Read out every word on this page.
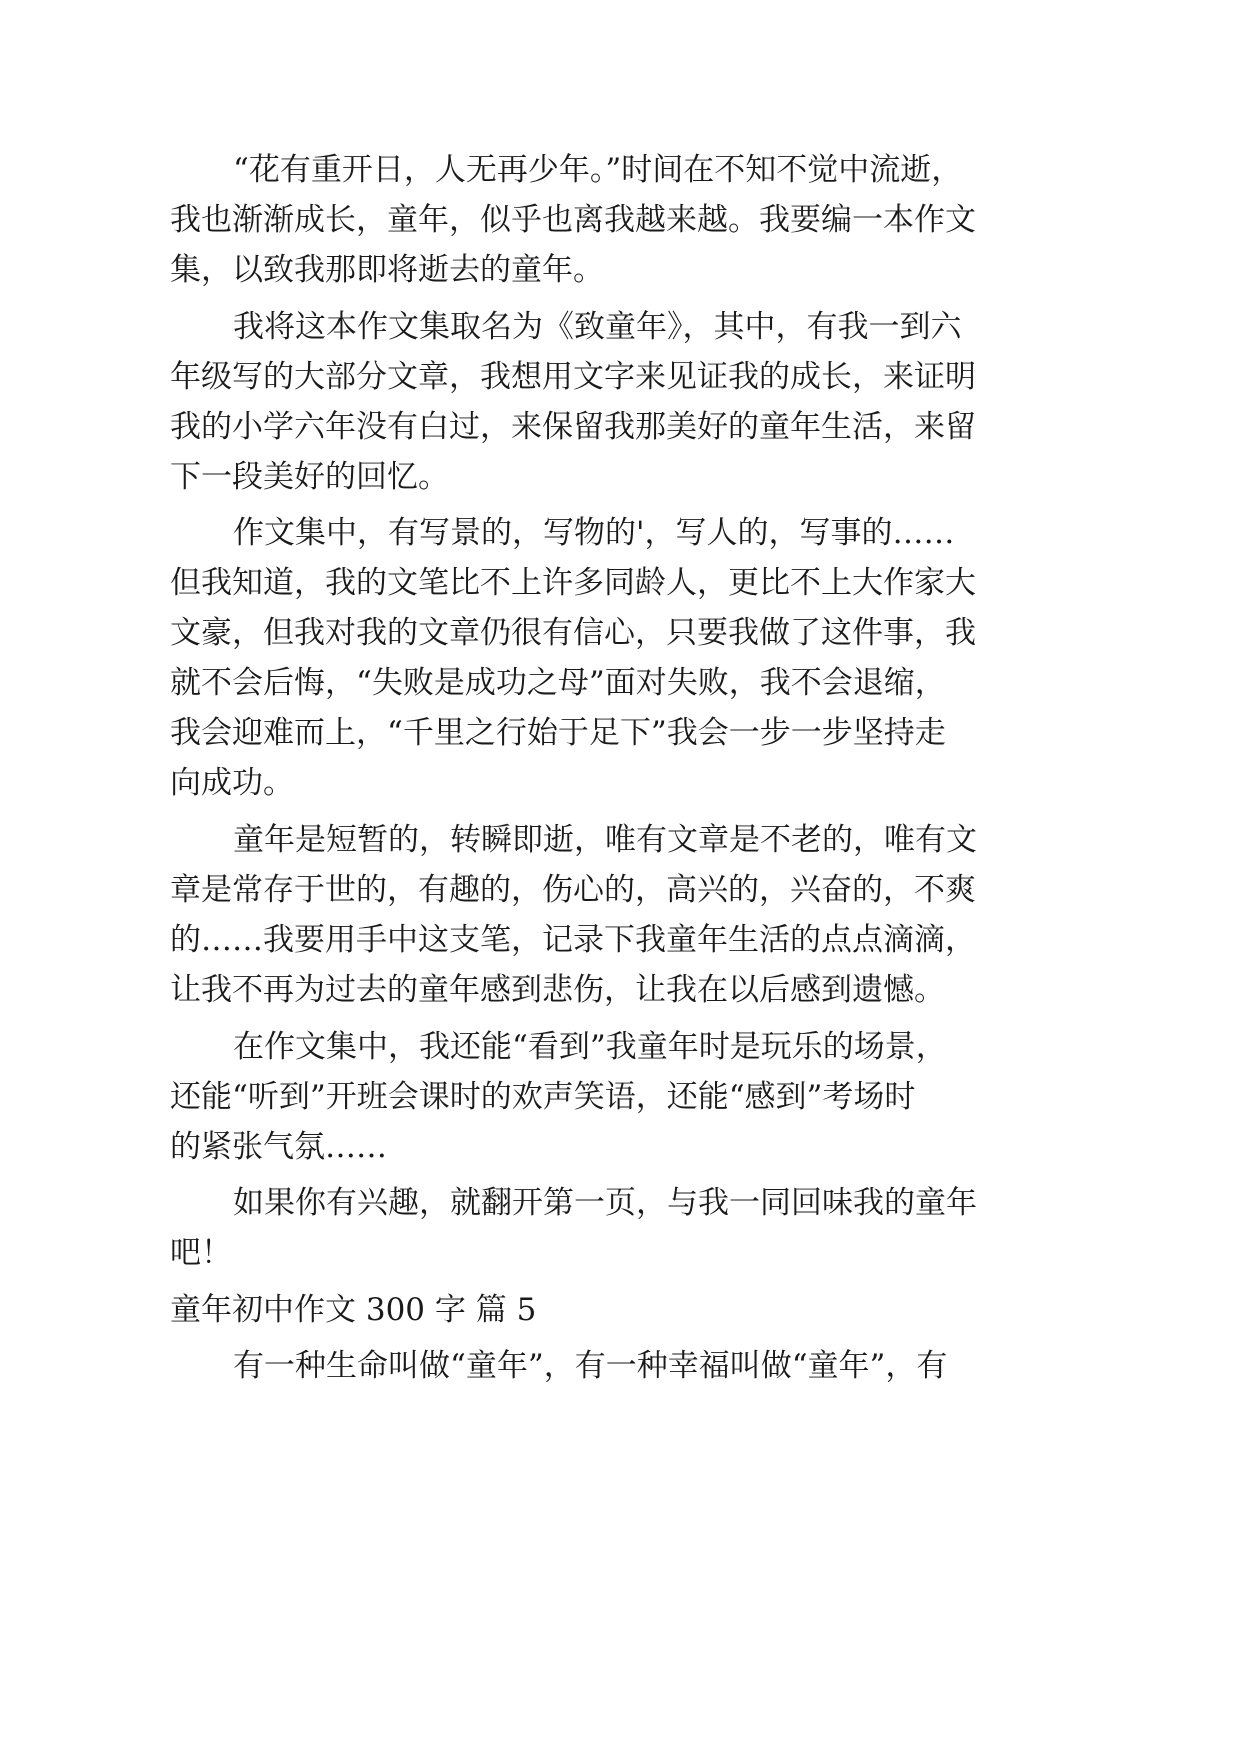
“花有重开日，人无再少年。”时间在不知不觉中流逝，
我也渐渐成长，童年，似乎也离我越来越。我要编一本作文
集，以致我那即将逝去的童年。
我将这本作文集取名为《致童年》，其中，有我一到六
年级写的大部分文章，我想用文字来见证我的成长，来证明
我的小学六年没有白过，来保留我那美好的童年生活，来留
下一段美好的回忆。
作文集中，有写景的，写物的'，写人的，写事的……
但我知道，我的文笔比不上许多同龄人，更比不上大作家大
文豪，但我对我的文章仍很有信心，只要我做了这件事，我
就不会后悔，“失败是成功之母”面对失败，我不会退缩，
我会迎难而上，“千里之行始于足下”我会一步一步坚持走
向成功。
童年是短暂的，转瞬即逝，唯有文章是不老的，唯有文
章是常存于世的，有趣的，伤心的，高兴的，兴奋的，不爽
的……我要用手中这支笔，记录下我童年生活的点点滴滴，
让我不再为过去的童年感到悲伤，让我在以后感到遗憾。
在作文集中，我还能“看到”我童年时是玩乐的场景，
还能“听到”开班会课时的欢声笑语，还能“感到”考场时
的紧张气氛……
如果你有兴趣，就翻开第一页，与我一同回味我的童年
吧！
童年初中作文 300 字 篇 5
有一种生命叫做“童年”，有一种幸福叫做“童年”，有
